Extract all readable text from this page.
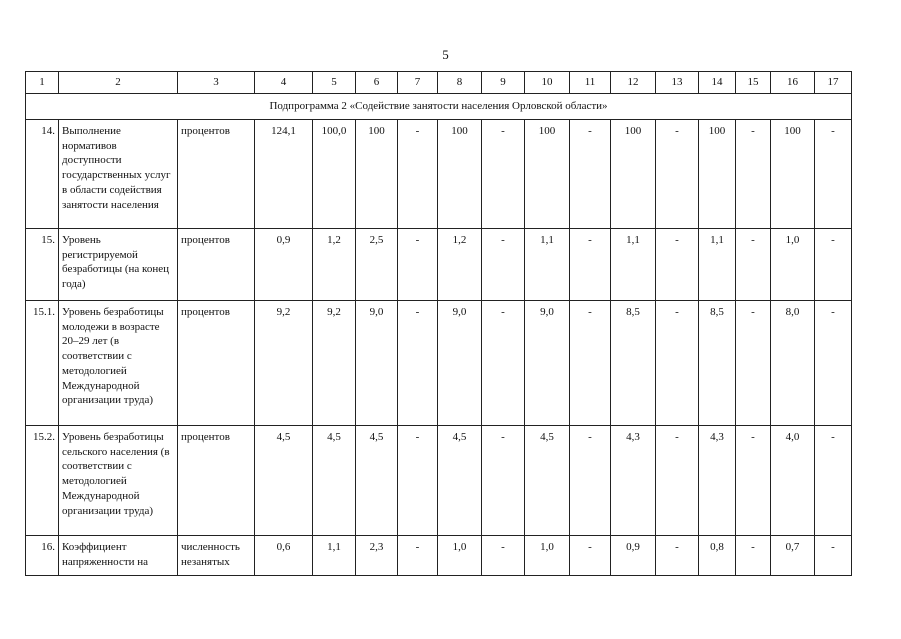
5
1	2	3	4	5	6	7	8	9	10	11	12	13	14	15	16	17
Подпрограмма 2 «Содействие занятости населения Орловской области»																
14.	Выполнение нормативов доступности государственных услуг в области содействия занятости населения	процентов	124,1	100,0	100	-	100	-	100	-	100	-	100	-	100	-
15.	Уровень регистрируемой безработицы (на конец года)	процентов	0,9	1,2	2,5	-	1,2	-	1,1	-	1,1	-	1,1	-	1,0	-
15.1.	Уровень безработицы молодежи в возрасте 20–29 лет (в соответствии с методологией Международной организации труда)	процентов	9,2	9,2	9,0	-	9,0	-	9,0	-	8,5	-	8,5	-	8,0	-
15.2.	Уровень безработицы сельского населения (в соответствии с методологией Международной организации труда)	процентов	4,5	4,5	4,5	-	4,5	-	4,5	-	4,3	-	4,3	-	4,0	-
16.	Коэффициент напряженности на	численность незанятых	0,6	1,1	2,3	-	1,0	-	1,0	-	0,9	-	0,8	-	0,7	-
